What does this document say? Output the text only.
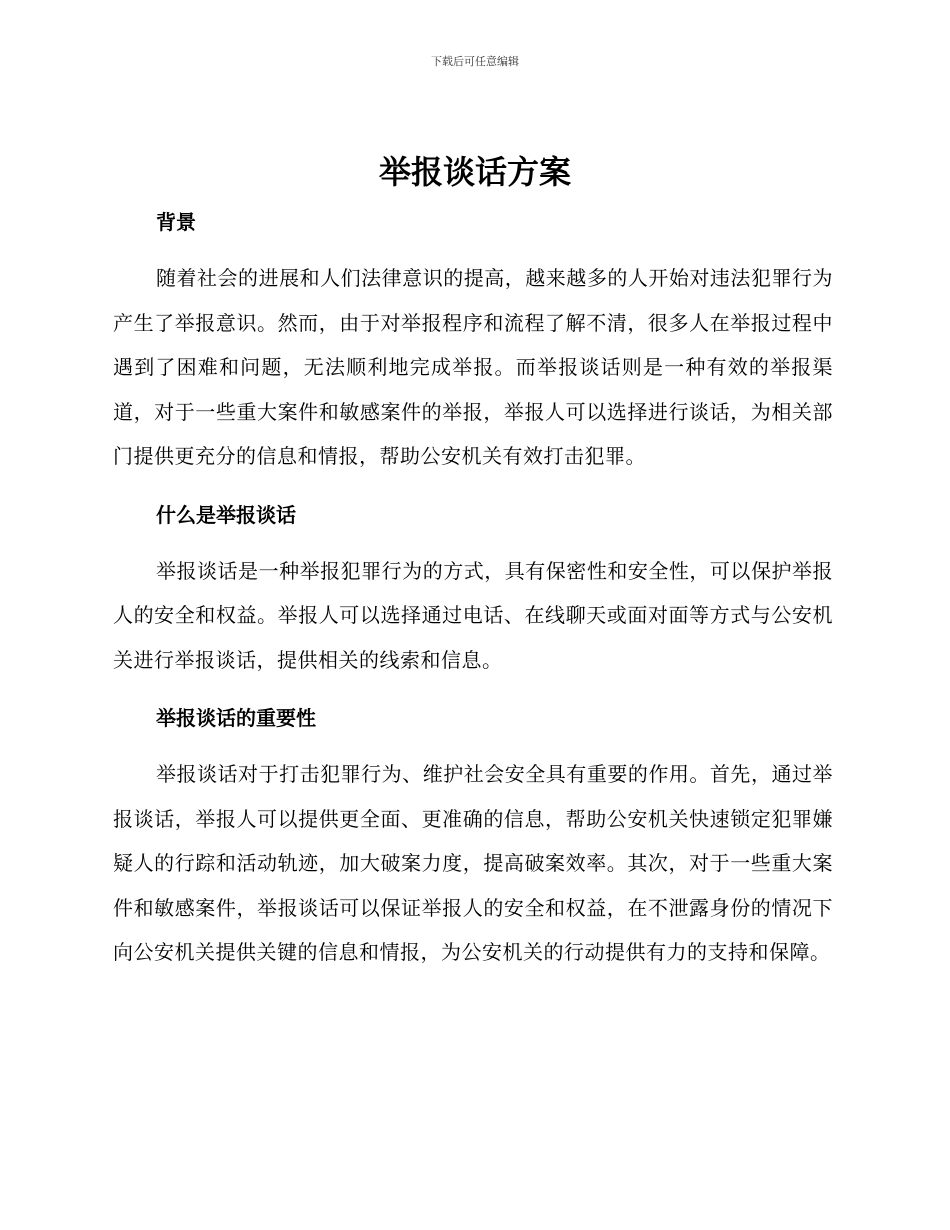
下载后可任意编辑
举报谈话方案
背景

随着社会的进展和人们法律意识的提高，越来越多的人开始对违法犯罪行为产生了举报意识。然而，由于对举报程序和流程了解不清，很多人在举报过程中遇到了困难和问题，无法顺利地完成举报。而举报谈话则是一种有效的举报渠道，对于一些重大案件和敏感案件的举报，举报人可以选择进行谈话，为相关部门提供更充分的信息和情报，帮助公安机关有效打击犯罪。

什么是举报谈话

举报谈话是一种举报犯罪行为的方式，具有保密性和安全性，可以保护举报人的安全和权益。举报人可以选择通过电话、在线聊天或面对面等方式与公安机关进行举报谈话，提供相关的线索和信息。

举报谈话的重要性

举报谈话对于打击犯罪行为、维护社会安全具有重要的作用。首先，通过举报谈话，举报人可以提供更全面、更准确的信息，帮助公安机关快速锁定犯罪嫌疑人的行踪和活动轨迹，加大破案力度，提高破案效率。其次，对于一些重大案件和敏感案件，举报谈话可以保证举报人的安全和权益，在不泄露身份的情况下向公安机关提供关键的信息和情报，为公安机关的行动提供有力的支持和保障。
